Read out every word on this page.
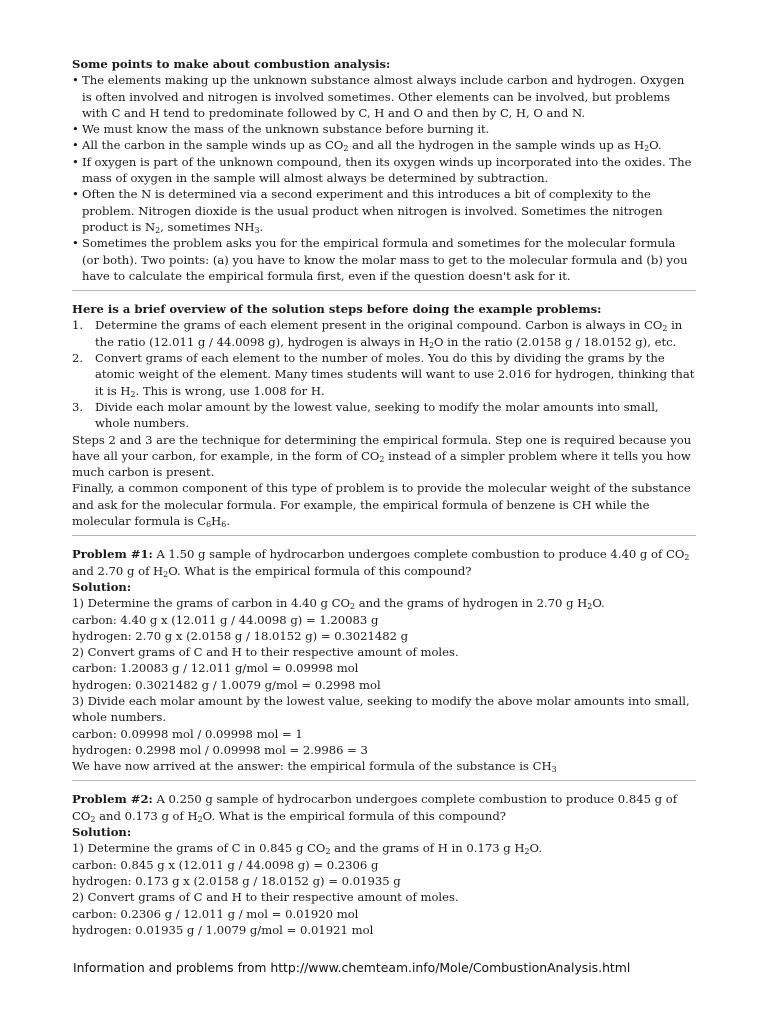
Some points to make about combustion analysis:
• The elements making up the unknown substance almost always include carbon and hydrogen. Oxygen is often involved and nitrogen is involved sometimes. Other elements can be involved, but problems with C and H tend to predominate followed by C, H and O and then by C, H, O and N.
• We must know the mass of the unknown substance before burning it.
• All the carbon in the sample winds up as $CO_2$ and all the hydrogen in the sample winds up as $H_2O$.
• If oxygen is part of the unknown compound, then its oxygen winds up incorporated into the oxides. The mass of oxygen in the sample will almost always be determined by subtraction.
• Often the N is determined via a second experiment and this introduces a bit of complexity to the problem. Nitrogen dioxide is the usual product when nitrogen is involved. Sometimes the nitrogen product is $N_2$, sometimes $NH_3$.
• Sometimes the problem asks you for the empirical formula and sometimes for the molecular formula (or both). Two points: (a) you have to know the molar mass to get to the molecular formula and (b) you have to calculate the empirical formula first, even if the question doesn't ask for it.
Here is a brief overview of the solution steps before doing the example problems:
1. Determine the grams of each element present in the original compound. Carbon is always in $CO_2$ in the ratio (12.011 g / 44.0098 g), hydrogen is always in $H_2O$ in the ratio (2.0158 g / 18.0152 g), etc.
2. Convert grams of each element to the number of moles. You do this by dividing the grams by the atomic weight of the element. Many times students will want to use 2.016 for hydrogen, thinking that it is $H_2$. This is wrong, use 1.008 for H.
3. Divide each molar amount by the lowest value, seeking to modify the molar amounts into small, whole numbers.

Steps 2 and 3 are the technique for determining the empirical formula. Step one is required because you have all your carbon, for example, in the form of $CO_2$ instead of a simpler problem where it tells you how much carbon is present.

Finally, a common component of this type of problem is to provide the molecular weight of the substance and ask for the molecular formula. For example, the empirical formula of benzene is CH while the molecular formula is $C_6H_6$.

Problem #1: A 1.50 g sample of hydrocarbon undergoes complete combustion to produce 4.40 g of $CO_2$ and 2.70 g of $H_2O$. What is the empirical formula of this compound?

Solution:
1) Determine the grams of carbon in 4.40 g $CO_2$ and the grams of hydrogen in 2.70 g $H_2O$.
carbon: 4.40 g x (12.011 g / 44.0098 g) = 1.20083 g
hydrogen: 2.70 g x (2.0158 g / 18.0152 g) = 0.3021482 g
2) Convert grams of C and H to their respective amount of moles.
carbon: 1.20083 g / 12.011 g/mol = 0.09998 mol
hydrogen: 0.3021482 g / 1.0079 g/mol = 0.2998 mol
3) Divide each molar amount by the lowest value, seeking to modify the above molar amounts into small, whole numbers.
carbon: 0.09998 mol / 0.09998 mol = 1
hydrogen: 0.2998 mol / 0.09998 mol = 2.9986 = 3
We have now arrived at the answer: the empirical formula of the substance is $CH_3$

Problem #2: A 0.250 g sample of hydrocarbon undergoes complete combustion to produce 0.845 g of $CO_2$ and 0.173 g of $H_2O$. What is the empirical formula of this compound?

Solution:
1) Determine the grams of C in 0.845 g $CO_2$ and the grams of H in 0.173 g $H_2O$.
carbon: 0.845 g x (12.011 g / 44.0098 g) = 0.2306 g
hydrogen: 0.173 g x (2.0158 g / 18.0152 g) = 0.01935 g
2) Convert grams of C and H to their respective amount of moles.
carbon: 0.2306 g / 12.011 g / mol = 0.01920 mol
hydrogen: 0.01935 g / 1.0079 g/mol = 0.01921 mol
Information and problems from http://www.chemteam.info/Mole/CombustionAnalysis.html
